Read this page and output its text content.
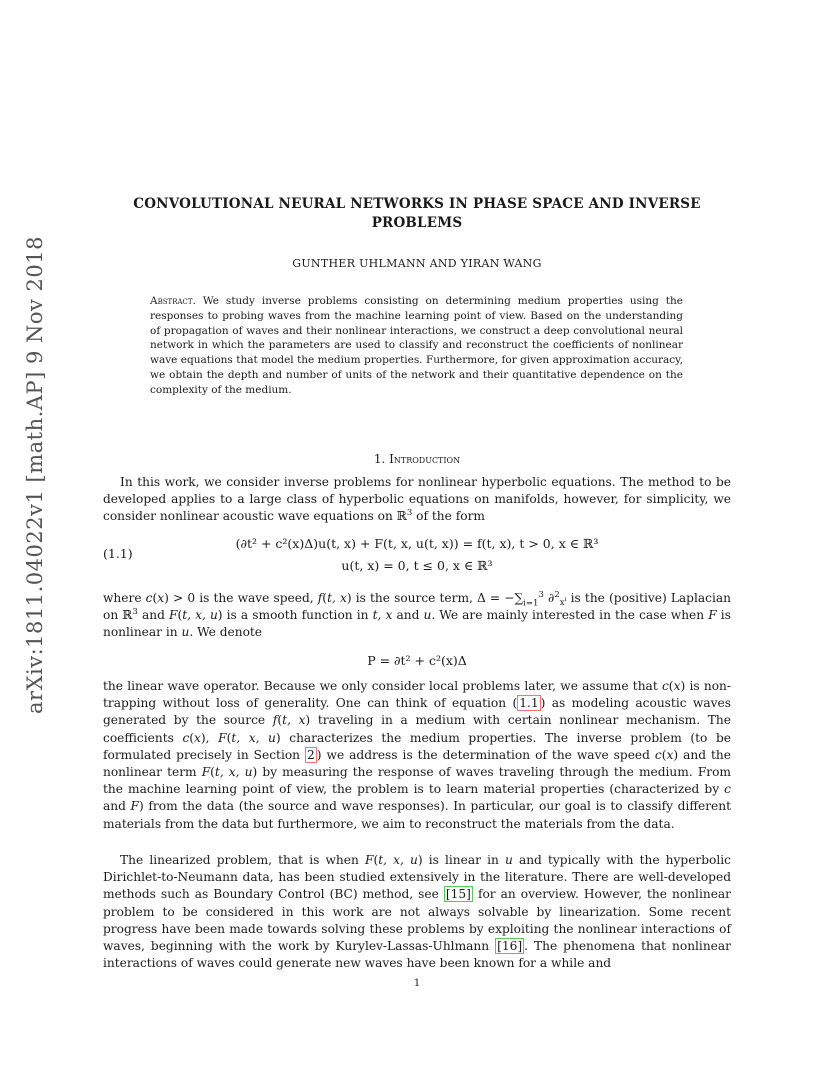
arXiv:1811.04022v1 [math.AP] 9 Nov 2018
CONVOLUTIONAL NEURAL NETWORKS IN PHASE SPACE AND INVERSE PROBLEMS
GUNTHER UHLMANN AND YIRAN WANG
Abstract. We study inverse problems consisting on determining medium properties using the responses to probing waves from the machine learning point of view. Based on the understanding of propagation of waves and their nonlinear interactions, we construct a deep convolutional neural network in which the parameters are used to classify and reconstruct the coefficients of nonlinear wave equations that model the medium properties. Furthermore, for given approximation accuracy, we obtain the depth and number of units of the network and their quantitative dependence on the complexity of the medium.
1. Introduction
In this work, we consider inverse problems for nonlinear hyperbolic equations. The method to be developed applies to a large class of hyperbolic equations on manifolds, however, for simplicity, we consider nonlinear acoustic wave equations on ℝ$^3$ of the form
(1.1)
(∂t² + c²(x)Δ)u(t, x) + F(t, x, u(t, x)) = f(t, x), t > 0, x ∈ ℝ³
u(t, x) = 0, t ≤ 0, x ∈ ℝ³
where c(x) > 0 is the wave speed, f(t, x) is the source term, $\Delta = -\sum_{i=1}^3$ ∂$^2_{x^i}$ is the (positive) Laplacian on ℝ$^3$ and F(t, x, u) is a smooth function in t, x and u. We are mainly interested in the case when F is nonlinear in u. We denote
P = ∂t² + c²(x)Δ
the linear wave operator. Because we only consider local problems later, we assume that c(x) is non-trapping without loss of generality. One can think of equation ( 1.1 ) as modeling acoustic waves generated by the source f(t, x) traveling in a medium with certain nonlinear mechanism. The coefficients c(x), F(t, x, u) characterizes the medium properties. The inverse problem (to be formulated precisely in Section 2 ) we address is the determination of the wave speed c(x) and the nonlinear term F(t, x, u) by measuring the response of waves traveling through the medium. From the machine learning point of view, the problem is to learn material properties (characterized by c and F) from the data (the source and wave responses). In particular, our goal is to classify different materials from the data but furthermore, we aim to reconstruct the materials from the data.
The linearized problem, that is when F(t, x, u) is linear in u and typically with the hyperbolic Dirichlet-to-Neumann data, has been studied extensively in the literature. There are well-developed methods such as Boundary Control (BC) method, see [15] for an overview. However, the nonlinear problem to be considered in this work are not always solvable by linearization. Some recent progress have been made towards solving these problems by exploiting the nonlinear interactions of waves, beginning with the work by Kurylev-Lassas-Uhlmann [16] . The phenomena that nonlinear interactions of waves could generate new waves have been known for a while and
1
